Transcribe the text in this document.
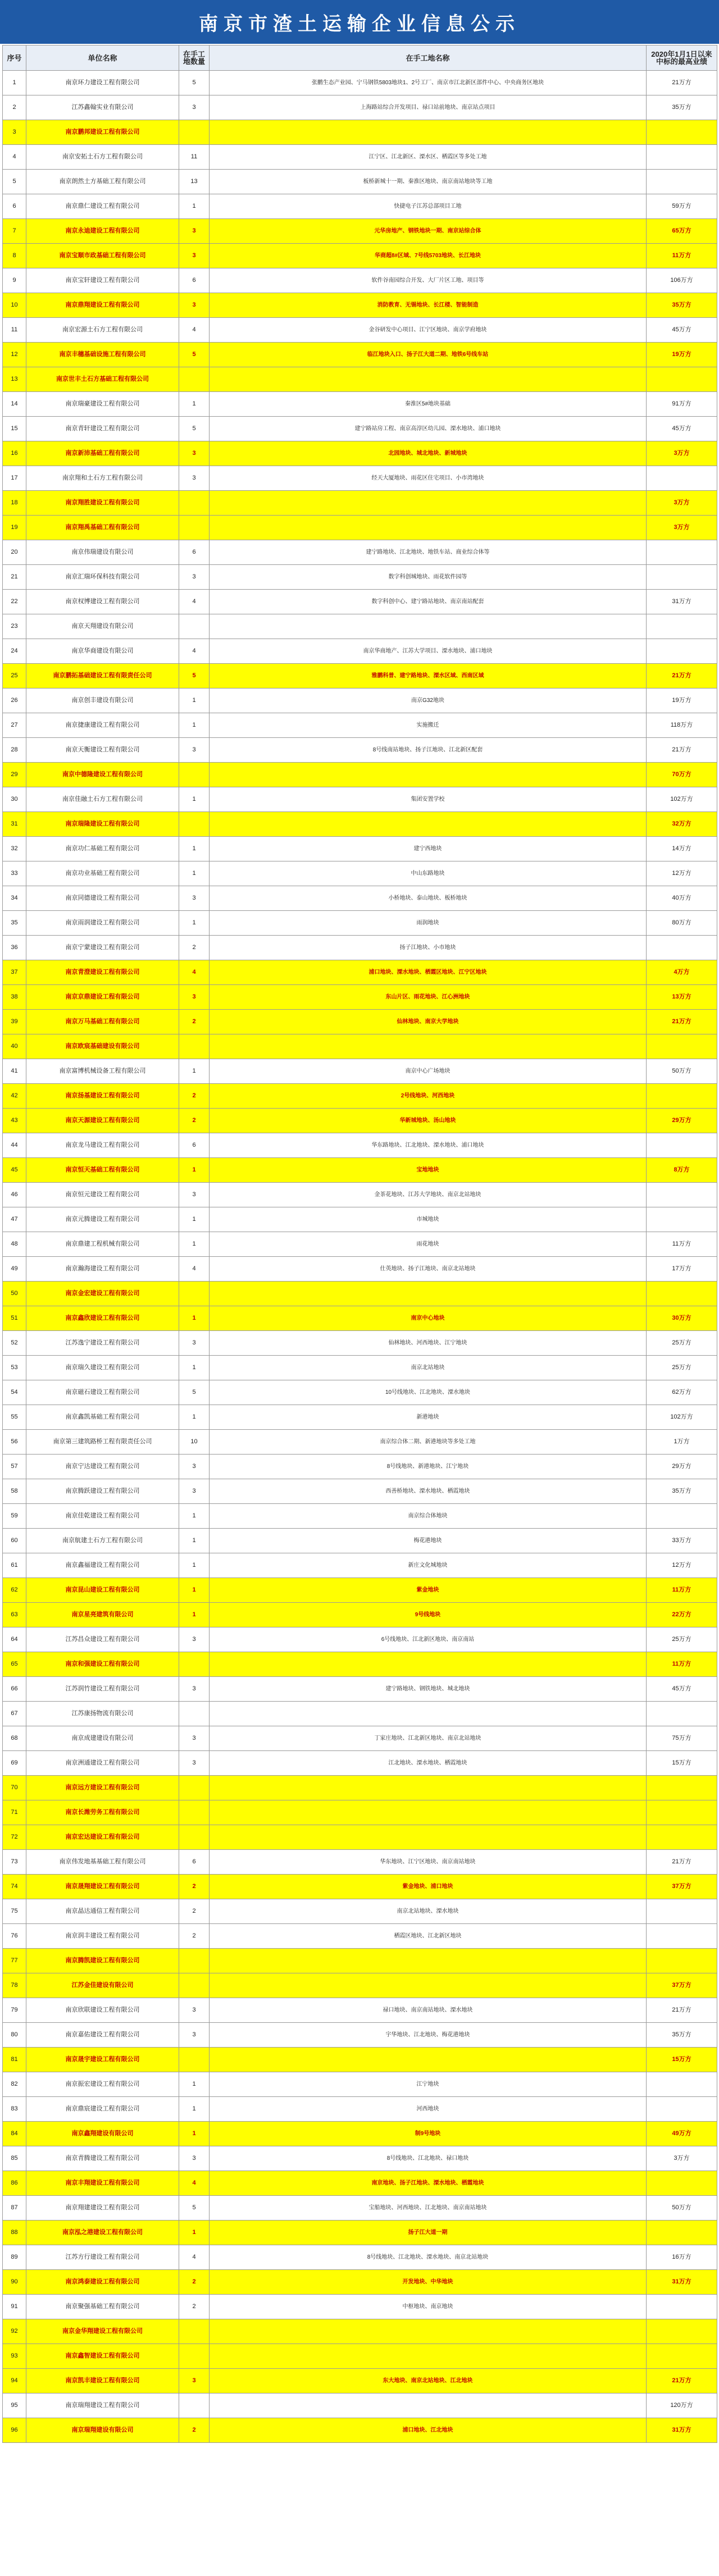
南京市渣土运输企业信息公示
序号	单位名称	在手工地数量	在手工地名称	2020年1月1日以来中标的最高业绩
1	南京环力建设工程有限公司	5	张鹏生态产业园、宁马钢铁5803地块1、2号工厂、南京市江北新区部件中心、中央商务区地块	21万方
2	江苏鑫翰实业有限公司	3	上海路站综合开发项目、禄口站前地块、南京站点项目	35万方
3	南京鹏邦建设工程有限公司			
4	南京安拓土石方工程有限公司	11	江宁区、江北新区、溧水区、栖霞区等多处工地	
5	南京朗然土方基础工程有限公司	13	板桥新城十一期、秦淮区地块、南京南站地块等工地	
6	南京鼎仁建设工程有限公司	1	快捷电子江苏总部项目工地	59万方
7	南京永迪建设工程有限公司	3	元华房地产、钢铁地块一期、南京站综合体	65万方
8	南京宝顺市政基础工程有限公司	3	华商超8#区域、7号线5703地块、长江地块	11万方
9	南京宝轩建设工程有限公司	6	软件谷南园综合开发、大厂片区工地、项目等	106万方
10	南京鼎翔建设工程有限公司	3	消防教育、无锡地块、长江楼、智能制造	35万方
11	南京宏源土石方工程有限公司	4	金谷研发中心项目、江宁区地块、南京学府地块	45万方
12	南京丰穗基础设施工程有限公司	5	临江地块入口、扬子江大道二期、地铁6号线车站	19万方
13	南京世丰土石方基础工程有限公司			
14	南京瑞豪建设工程有限公司	1	秦淮区5#地块基础	91万方
15	南京青轩建设工程有限公司	5	建宁路站房工程、南京高淳区幼儿园、溧水地块、浦口地块	45万方
16	南京新沛基础工程有限公司	3	北园地块、城北地块、新城地块	3万方
17	南京翔和土石方工程有限公司	3	经天大厦地块、雨花区住宅项目、小市湾地块	
18	南京翔胜建设工程有限公司			3万方
19	南京翔禹基础工程有限公司			3万方
20	南京伟瑞建设有限公司	6	建宁路地块、江北地块、地铁车站、商业综合体等	
21	南京汇瑞环保科技有限公司	3	数字科创城地块、雨花软件园等	
22	南京权博建设工程有限公司	4	数字科创中心、建宁路站地块、南京南站配套	31万方
23	南京天翔建设有限公司			
24	南京华商建设有限公司	4	南京华商地产、江苏大学项目、溧水地块、浦口地块	
25	南京鹏拓基础建设工程有限责任公司	5	雅鹏科普、建宁路地块、溧水区域、西南区域	21万方
26	南京创丰建设有限公司	1	南京G32地块	19万方
27	南京捷康建设工程有限公司	1	实施搬迁	118万方
28	南京天衡建设工程有限公司	3	8号线南站地块、扬子江地块、江北新区配套	21万方
29	南京中德隆建设工程有限公司			70万方
30	南京佳融土石方工程有限公司	1	集团安置学校	102万方
31	南京瑞隆建设工程有限公司			32万方
32	南京功仁基础工程有限公司	1	建宁西地块	14万方
33	南京功业基础工程有限公司	1	中山东路地块	12万方
34	南京同德建设工程有限公司	3	小桥地块、泰山地块、板桥地块	40万方
35	南京雨润建设工程有限公司	1	雨润地块	80万方
36	南京宁蒙建设工程有限公司	2	扬子江地块、小市地块	
37	南京青澄建设工程有限公司	4	浦口地块、溧水地块、栖霞区地块、江宁区地块	4万方
38	南京京鼎建设工程有限公司	3	东山片区、雨花地块、江心洲地块	13万方
39	南京万马基础工程有限公司	2	仙林地块、南京大学地块	21万方
40	南京欧宸基础建设有限公司			
41	南京富博机械设备工程有限公司	1	南京中心广场地块	50万方
42	南京扬基建设工程有限公司	2	2号线地块、河西地块	
43	南京天源建设工程有限公司	2	华新城地块、汤山地块	29万方
44	南京龙马建设工程有限公司	6	华东路地块、江北地块、溧水地块、浦口地块	
45	南京恒天基础工程有限公司	1	宝地地块	8万方
46	南京恒元建设工程有限公司	3	金茶花地块、江苏大学地块、南京北站地块	
47	南京元腾建设工程有限公司	1	市城地块	
48	南京鼎建工程机械有限公司	1	雨花地块	11万方
49	南京瀚海建设工程有限公司	4	仕英地块、扬子江地块、南京北站地块	17万方
50	南京金宏建设工程有限公司			
51	南京鑫欣建设工程有限公司	1	南京中心地块	30万方
52	江苏逸宁建设工程有限公司	3	仙林地块、河西地块、江宁地块	25万方
53	南京瑞久建设工程有限公司	1	南京北站地块	25万方
54	南京磁石建设工程有限公司	5	10号线地块、江北地块、溧水地块	62万方
55	南京鑫凯基础工程有限公司	1	新港地块	102万方
56	南京第三建筑路桥工程有限责任公司	10	南京综合体二期、新港地块等多处工地	1万方
57	南京宁达建设工程有限公司	3	8号线地块、新港地块、江宁地块	29万方
58	南京腾跃建设工程有限公司	3	西善桥地块、溧水地块、栖霞地块	35万方
59	南京佳乾建设工程有限公司	1	南京综合体地块	
60	南京航建土石方工程有限公司	1	梅花港地块	33万方
61	南京鑫福建设工程有限公司	1	新庄文化城地块	12万方
62	南京昆山建设工程有限公司	1	紫金地块	11万方
63	南京星亮建筑有限公司	1	9号线地块	22万方
64	江苏昌众建设工程有限公司	3	6号线地块、江北新区地块、南京南站	25万方
65	南京和强建设工程有限公司			11万方
66	江苏润竹建设工程有限公司	3	建宁路地块、钢铁地块、城北地块	45万方
67	江苏康扬物流有限公司			
68	南京成建建设有限公司	3	丁家庄地块、江北新区地块、南京北站地块	75万方
69	南京洲通建设工程有限公司	3	江北地块、溧水地块、栖霞地块	15万方
70	南京远方建设工程有限公司			
71	南京长潍劳务工程有限公司			
72	南京宏达建设工程有限公司			
73	南京伟发地基基础工程有限公司	6	华东地块、江宁区地块、南京南站地块	21万方
74	南京晟翔建设工程有限公司	2	紫金地块、浦口地块	37万方
75	南京晶达通信工程有限公司	2	南京北站地块、溧水地块	
76	南京润丰建设工程有限公司	2	栖霞区地块、江北新区地块	
77	南京腾凯建设工程有限公司			
78	江苏金佳建设有限公司			37万方
79	南京欣联建设工程有限公司	3	禄口地块、南京南站地块、溧水地块	21万方
80	南京嘉佑建设工程有限公司	3	宇华地块、江北地块、梅花港地块	35万方
81	南京晟宇建设工程有限公司			15万方
82	南京振宏建设工程有限公司	1	江宁地块	
83	南京鼎宸建设工程有限公司	1	河西地块	
84	南京鑫翔建设有限公司	1	制9号地块	49万方
85	南京青腾建设工程有限公司	3	8号线地块、江北地块、禄口地块	3万方
86	南京丰翔建设工程有限公司	4	南京地块、扬子江地块、溧水地块、栖霞地块	
87	南京翔建建设工程有限公司	5	宝船地块、河西地块、江北地块、南京南站地块	50万方
88	南京泓之港建设工程有限公司	1	扬子江大道一期	
89	江苏方行建设工程有限公司	4	8号线地块、江北地块、溧水地块、南京北站地块	16万方
90	南京鸿泰建设工程有限公司	2	开发地块、中华地块	31万方
91	南京聚强基础工程有限公司	2	中枢地块、南京地块	
92	南京金华翔建设工程有限公司			
93	南京鑫智建设工程有限公司			
94	南京凯丰建设工程有限公司	3	东大地块、南京北站地块、江北地块	21万方
95	南京瑞翔建设工程有限公司			120万方
96	南京瑞翔建设有限公司	2	浦口地块、江北地块	31万方
